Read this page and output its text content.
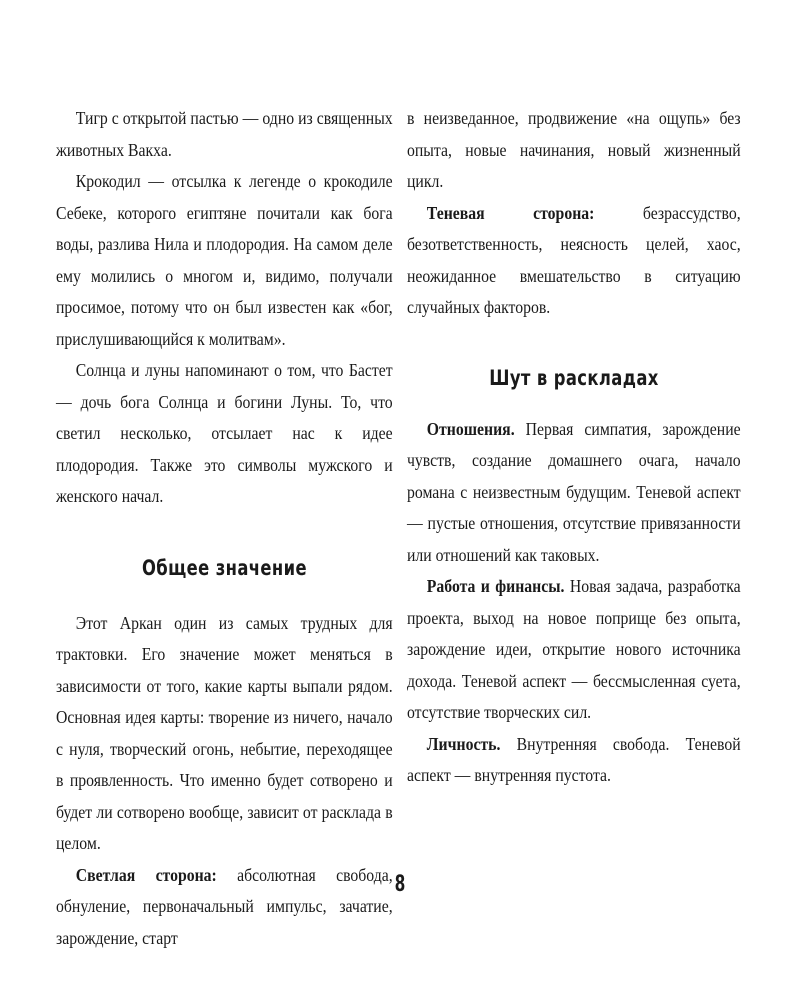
Тигр с открытой пастью — одно из священных животных Вакха.

Крокодил — отсылка к легенде о крокодиле Себеке, которого египтяне почитали как бога воды, разлива Нила и плодородия. На самом деле ему молились о многом и, видимо, получали просимое, потому что он был известен как «бог, прислушивающийся к молитвам».

Солнца и луны напоминают о том, что Бастет — дочь бога Солнца и богини Луны. То, что светил несколько, отсылает нас к идее плодородия. Также это символы мужского и женского начал.

Общее значение

Этот Аркан один из самых трудных для трактовки. Его значение может меняться в зависимости от того, какие карты выпали рядом. Основная идея карты: творение из ничего, начало с нуля, творческий огонь, небытие, переходящее в проявленность. Что именно будет сотворено и будет ли сотворено вообще, зависит от расклада в целом.

Светлая сторона: абсолютная свобода, обнуление, первоначальный импульс, зачатие, зарождение, старт

в неизведанное, продвижение «на ощупь» без опыта, новые начинания, новый жизненный цикл.

Теневая сторона:	безрассудство, безответственность, неясность целей, хаос, неожиданное вмешательство в ситуацию случайных факторов.

Шут в раскладах

Отношения. Первая симпатия, зарождение чувств, создание домашнего очага, начало романа с неизвестным будущим. Теневой аспект — пустые отношения, отсутствие привязанности или отношений как таковых.

Работа и финансы. Новая задача, разработка проекта, выход на новое поприще без опыта, зарождение идеи, открытие нового источника дохода. Теневой аспект — бессмысленная суета, отсутствие творческих сил.

Личность. Внутренняя свобода. Теневой аспект — внутренняя пустота.

8
